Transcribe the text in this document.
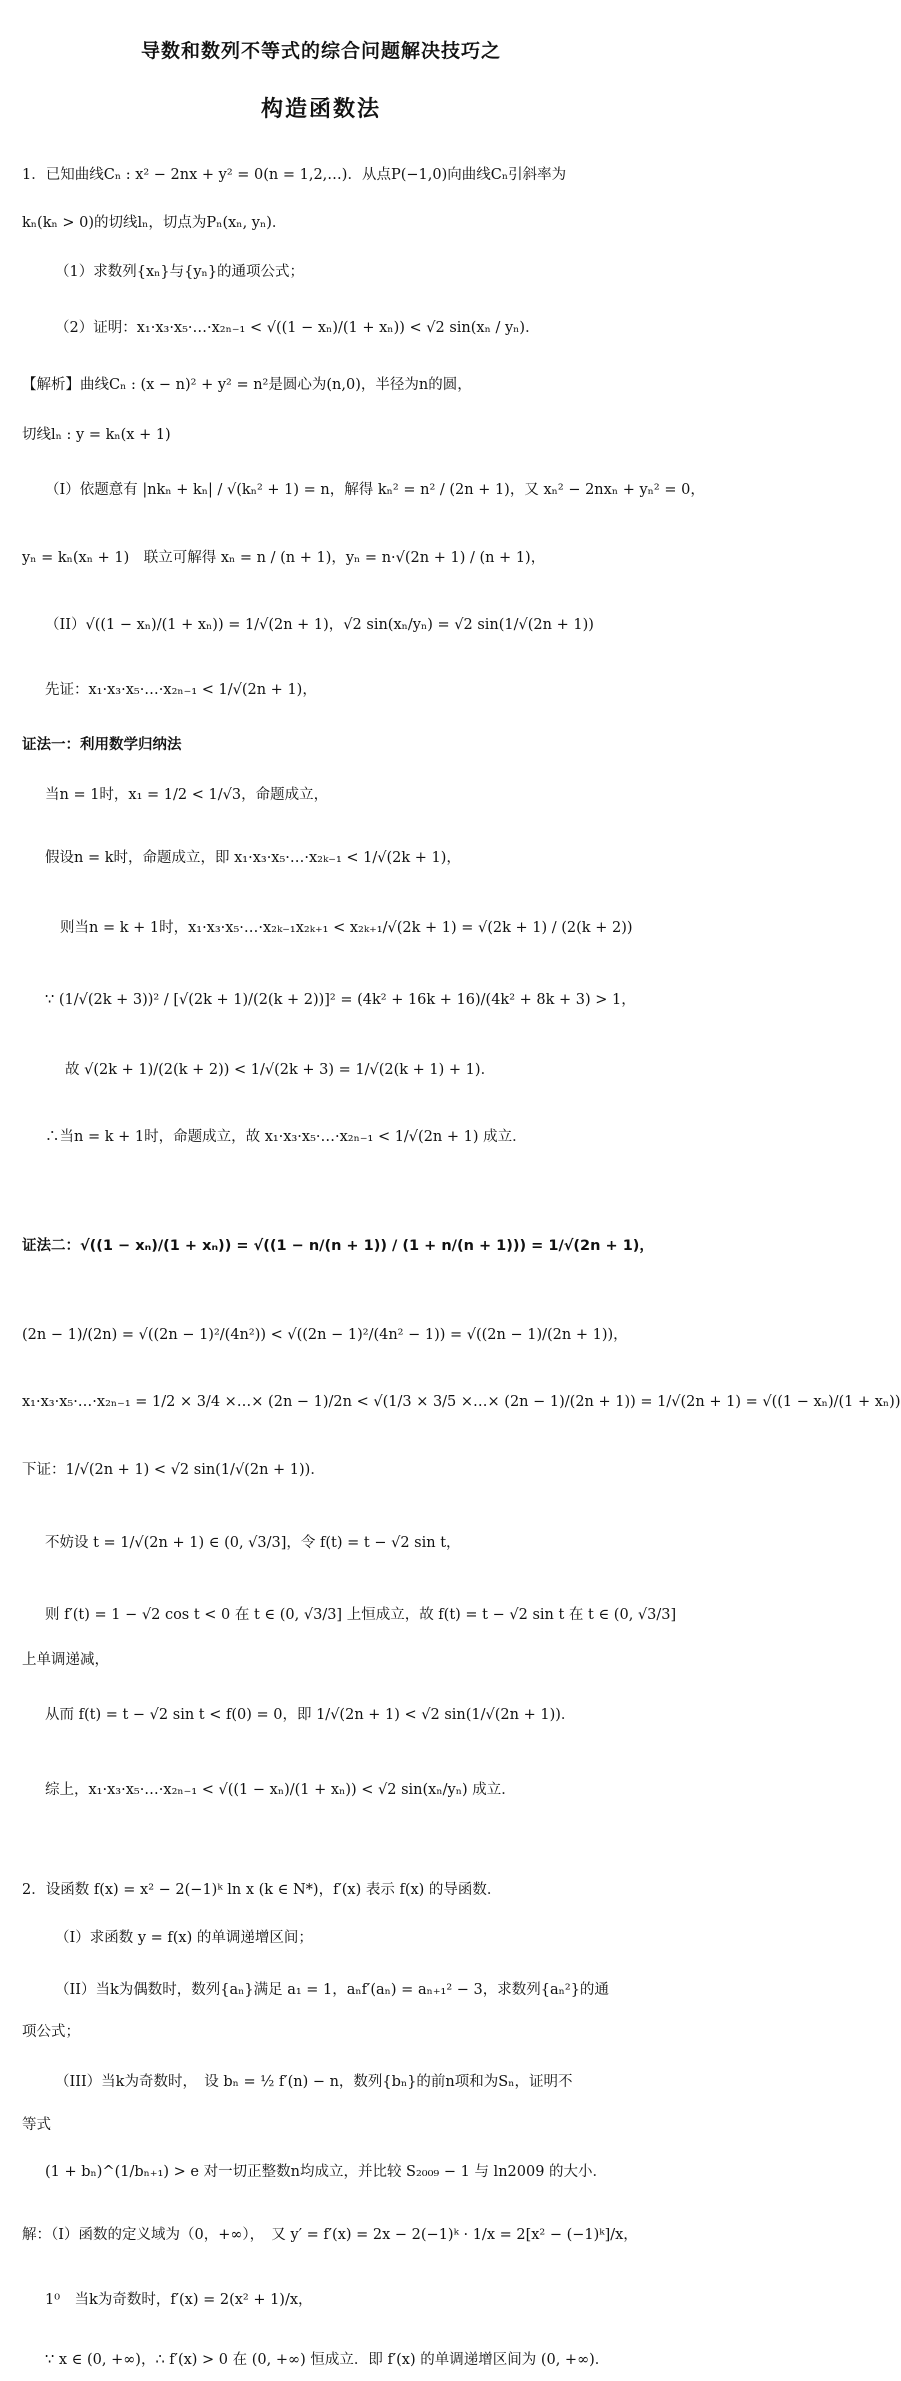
导数和数列不等式的综合问题解决技巧之
构造函数法
1．已知曲线Cₙ : x² − 2nx + y² = 0(n = 1,2,…)．从点P(−1,0)向曲线Cₙ引斜率为
kₙ(kₙ > 0)的切线lₙ，切点为Pₙ(xₙ, yₙ)．
（1）求数列{xₙ}与{yₙ}的通项公式；
（2）证明：x₁·x₃·x₅·…·x₂ₙ₋₁ < √((1 − xₙ)/(1 + xₙ)) < √2 sin(xₙ / yₙ)．
【解析】曲线Cₙ : (x − n)² + y² = n²是圆心为(n,0)，半径为n的圆，
切线lₙ : y = kₙ(x + 1)
（I）依题意有 |nkₙ + kₙ| / √(kₙ² + 1) = n，解得 kₙ² = n² / (2n + 1)，又 xₙ² − 2nxₙ + yₙ² = 0，
yₙ = kₙ(xₙ + 1)　联立可解得 xₙ = n / (n + 1)，yₙ = n·√(2n + 1) / (n + 1)，
（II）√((1 − xₙ)/(1 + xₙ)) = 1/√(2n + 1)，√2 sin(xₙ/yₙ) = √2 sin(1/√(2n + 1))
先证：x₁·x₃·x₅·…·x₂ₙ₋₁ < 1/√(2n + 1)，
证法一：利用数学归纳法
当n = 1时，x₁ = 1/2 < 1/√3，命题成立，
假设n = k时，命题成立，即 x₁·x₃·x₅·…·x₂ₖ₋₁ < 1/√(2k + 1)，
则当n = k + 1时，x₁·x₃·x₅·…·x₂ₖ₋₁x₂ₖ₊₁ < x₂ₖ₊₁/√(2k + 1) = √(2k + 1) / (2(k + 2))
∵ (1/√(2k + 3))² / [√(2k + 1)/(2(k + 2))]² = (4k² + 16k + 16)/(4k² + 8k + 3) > 1，
故 √(2k + 1)/(2(k + 2)) < 1/√(2k + 3) = 1/√(2(k + 1) + 1)．
∴当n = k + 1时，命题成立，故 x₁·x₃·x₅·…·x₂ₙ₋₁ < 1/√(2n + 1) 成立．
证法二：√((1 − xₙ)/(1 + xₙ)) = √((1 − n/(n + 1)) / (1 + n/(n + 1))) = 1/√(2n + 1)，
(2n − 1)/(2n) = √((2n − 1)²/(4n²)) < √((2n − 1)²/(4n² − 1)) = √((2n − 1)/(2n + 1))，
x₁·x₃·x₅·…·x₂ₙ₋₁ = 1/2 × 3/4 ×…× (2n − 1)/2n < √(1/3 × 3/5 ×…× (2n − 1)/(2n + 1)) = 1/√(2n + 1) = √((1 − xₙ)/(1 + xₙ))
下证：1/√(2n + 1) < √2 sin(1/√(2n + 1))．
不妨设 t = 1/√(2n + 1) ∈ (0, √3/3]，令 f(t) = t − √2 sin t，
则 f′(t) = 1 − √2 cos t < 0 在 t ∈ (0, √3/3] 上恒成立，故 f(t) = t − √2 sin t 在 t ∈ (0, √3/3]
上单调递减，
从而 f(t) = t − √2 sin t < f(0) = 0，即 1/√(2n + 1) < √2 sin(1/√(2n + 1))．
综上，x₁·x₃·x₅·…·x₂ₙ₋₁ < √((1 − xₙ)/(1 + xₙ)) < √2 sin(xₙ/yₙ) 成立．
2．设函数 f(x) = x² − 2(−1)ᵏ ln x (k ∈ N*)，f′(x) 表示 f(x) 的导函数．
（I）求函数 y = f(x) 的单调递增区间；
（II）当k为偶数时，数列{aₙ}满足 a₁ = 1，aₙf′(aₙ) = aₙ₊₁² − 3，求数列{aₙ²}的通
项公式；
（III）当k为奇数时，　设 bₙ = ½ f′(n) − n，数列{bₙ}的前n项和为Sₙ，证明不
等式
(1 + bₙ)^(1/bₙ₊₁) > e 对一切正整数n均成立，并比较 S₂₀₀₉ − 1 与 ln2009 的大小．
解：（I）函数的定义域为（0，+∞），　又 y′ = f′(x) = 2x − 2(−1)ᵏ · 1/x = 2[x² − (−1)ᵏ]/x，
1⁰　当k为奇数时，f′(x) = 2(x² + 1)/x，
∵ x ∈ (0, +∞)，∴ f′(x) > 0 在 (0, +∞) 恒成立．即 f′(x) 的单调递增区间为 (0, +∞)．
